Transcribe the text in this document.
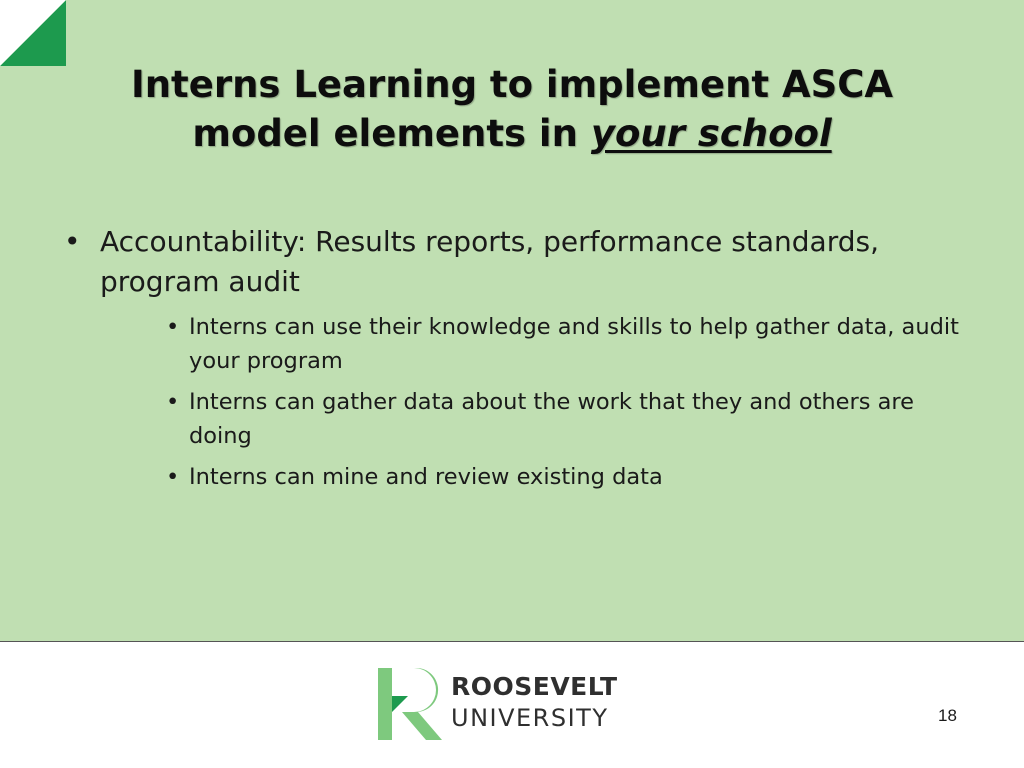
Interns Learning to implement ASCA
model elements in your school
• Accountability: Results reports, performance standards, program audit
• Interns can use their knowledge and skills to help gather data, audit your program
• Interns can gather data about the work that they and others are doing
• Interns can mine and review existing data
ROOSEVELT
UNIVERSITY	18
